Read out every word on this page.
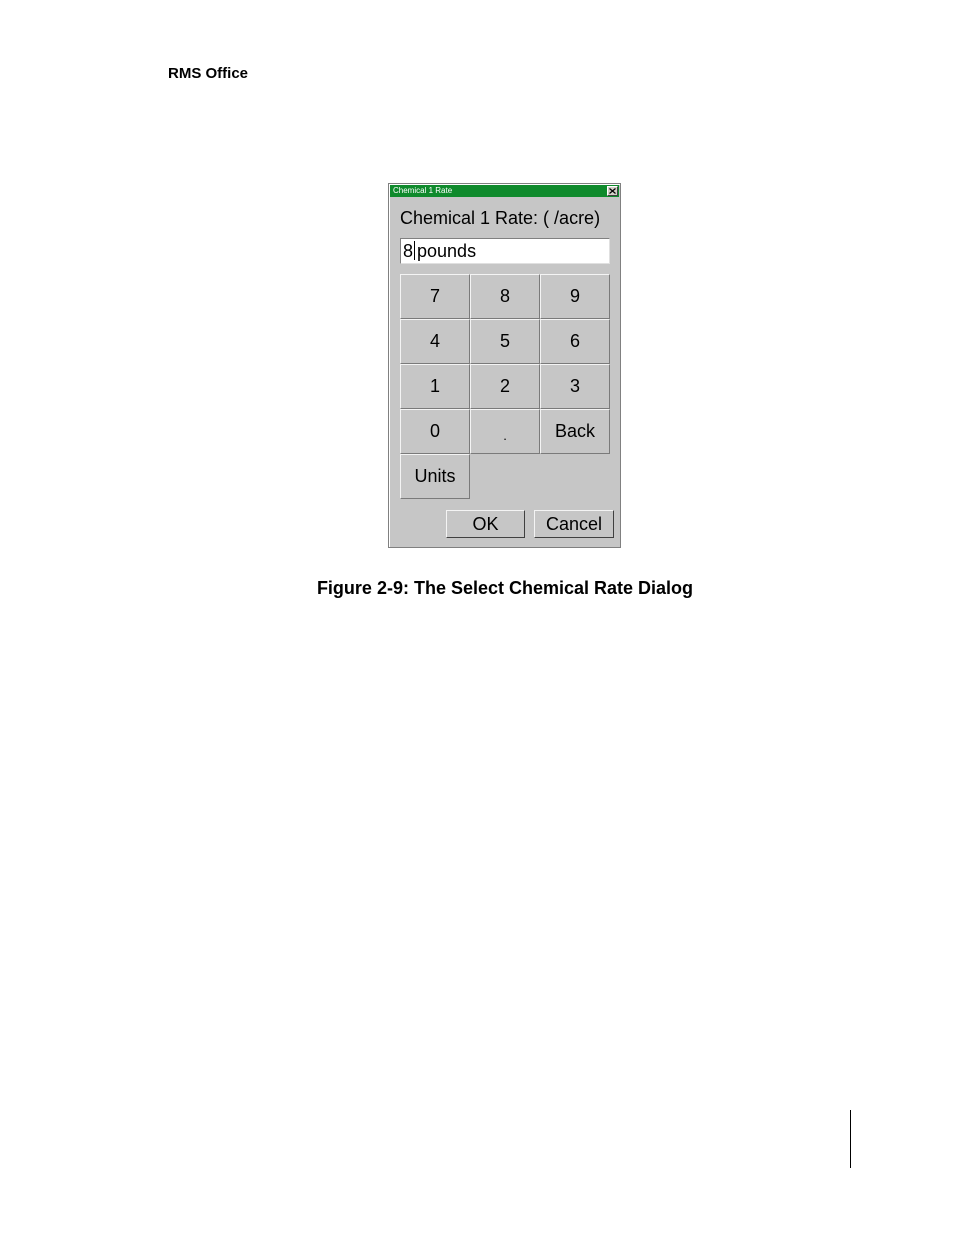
RMS Office
Chemical 1 Rate
Chemical 1 Rate: ( /acre)
8 pounds
7	8	9
4	5	6
1	2	3
0	.	Back
Units
OK	Cancel
Figure 2-9: The Select Chemical Rate Dialog
